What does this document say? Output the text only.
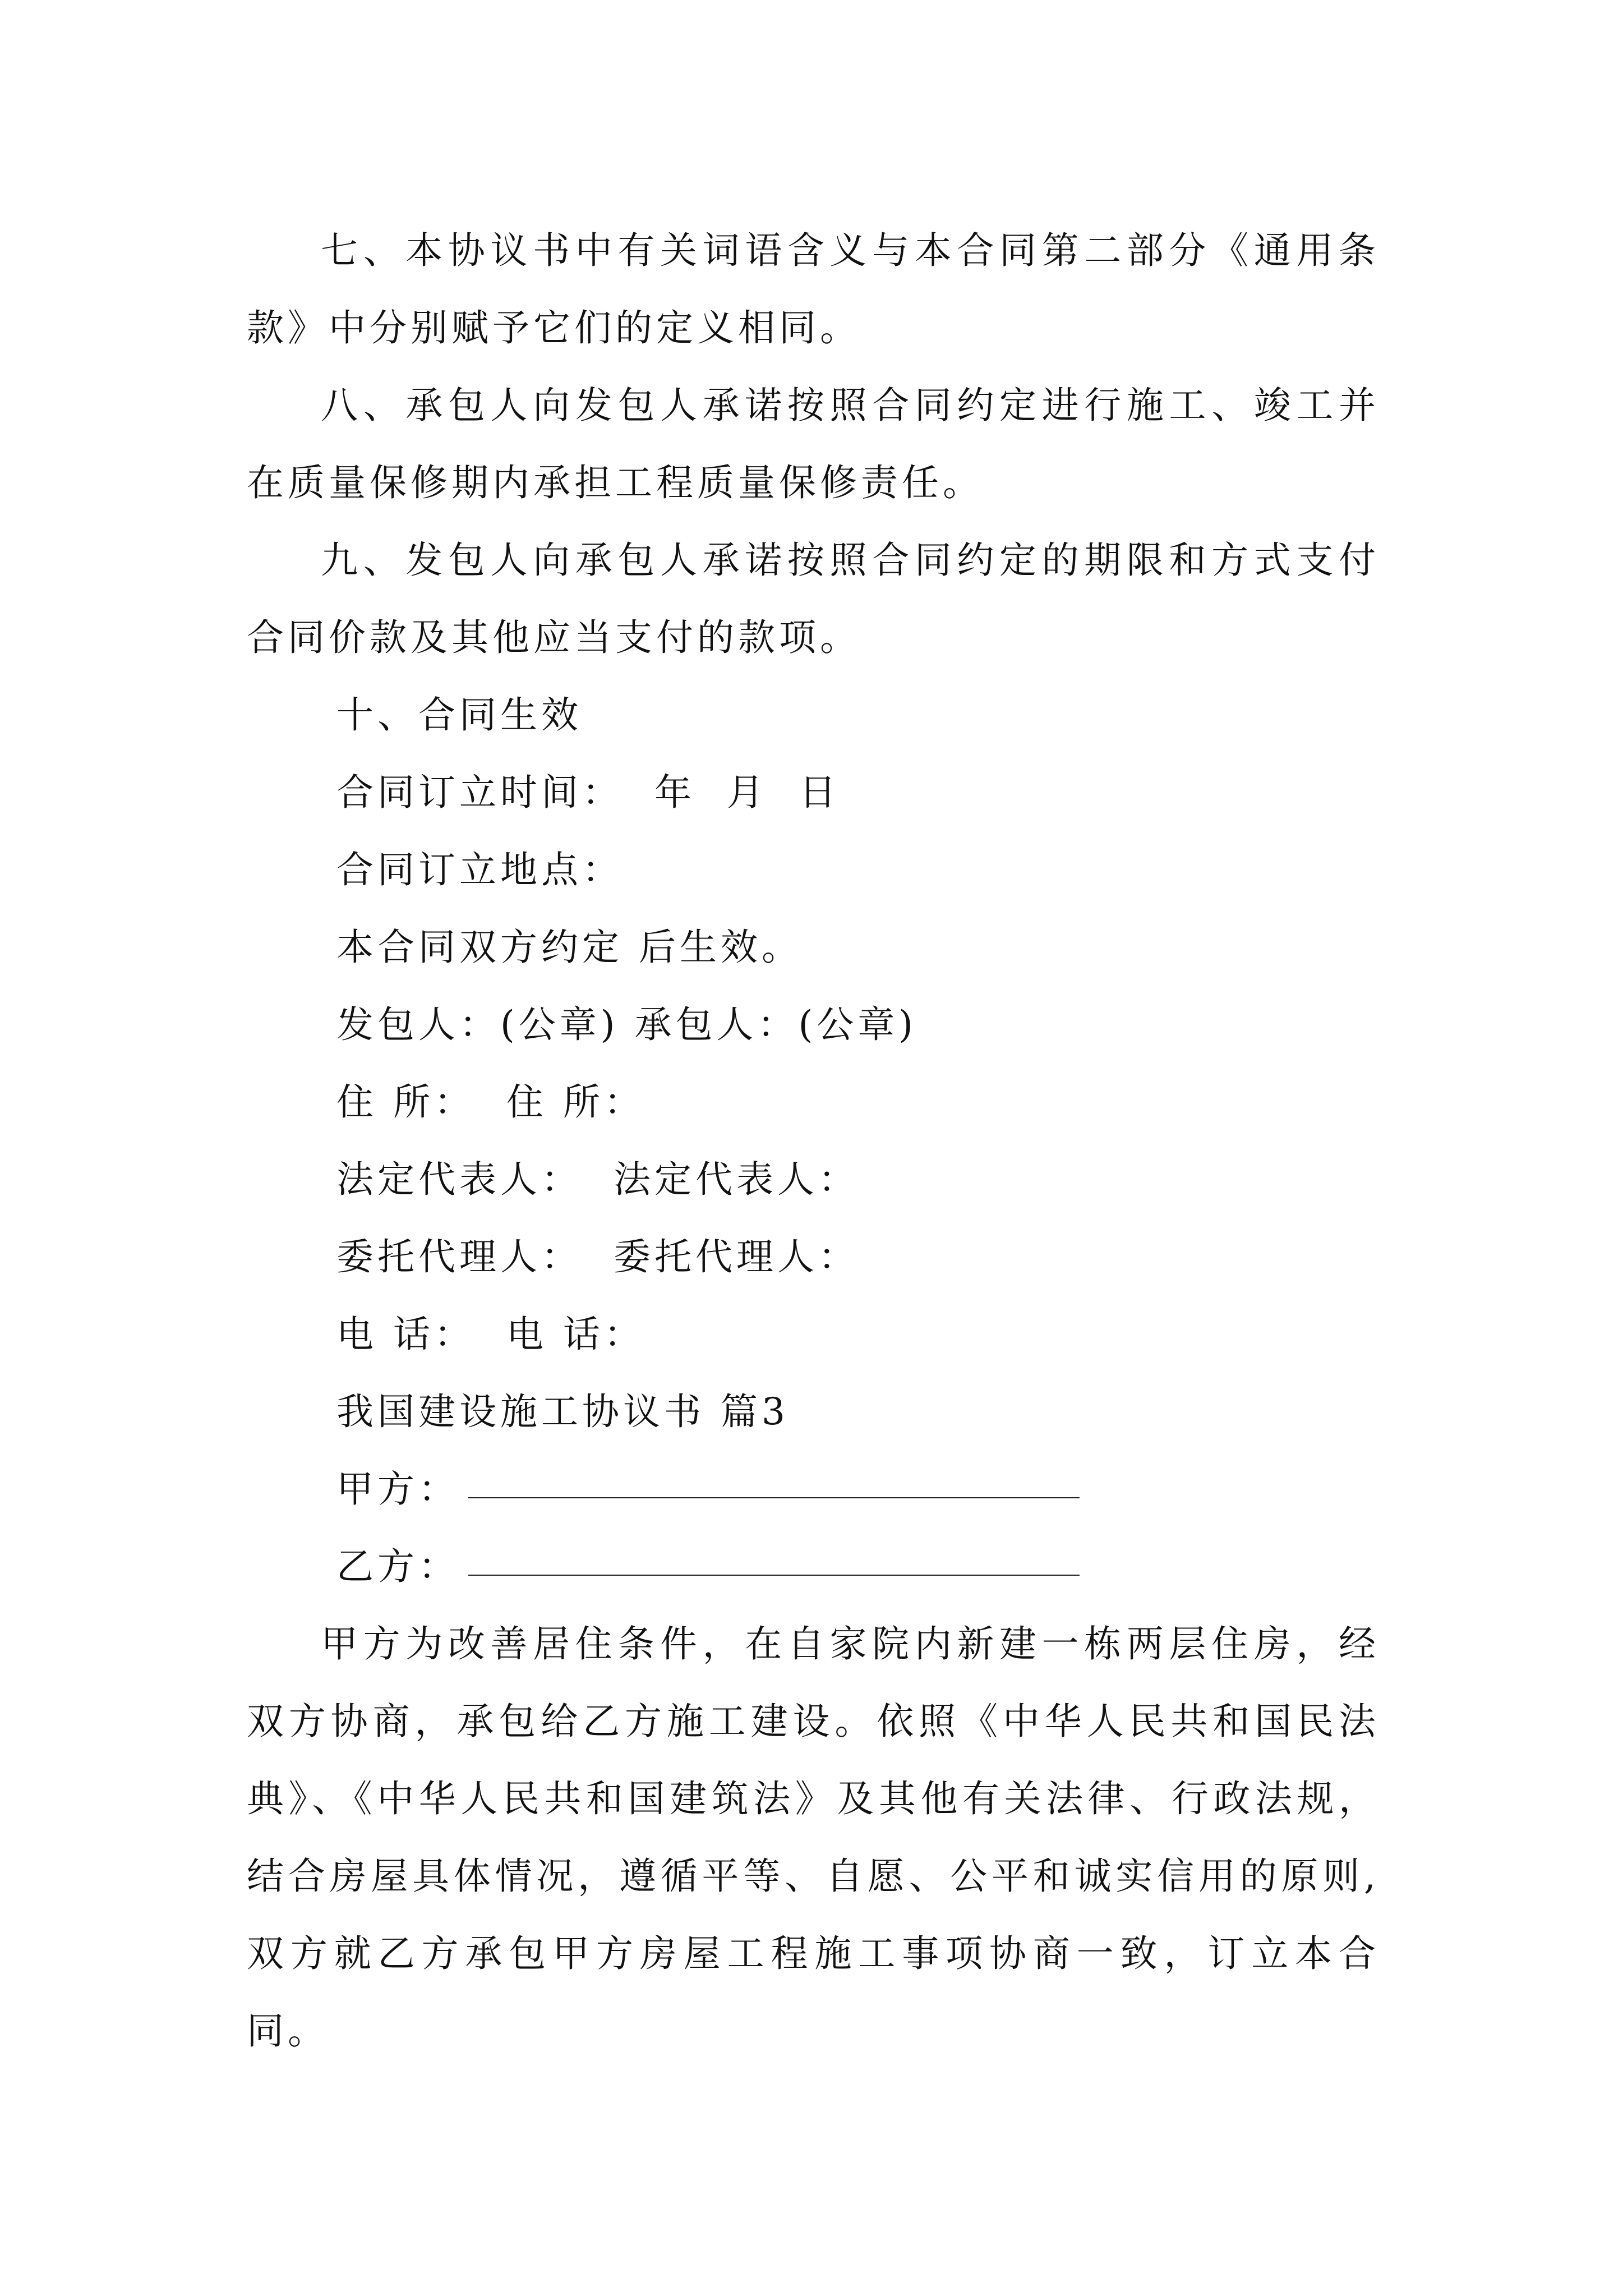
七、本协议书中有关词语含义与本合同第二部分《通用条款》中分别赋予它们的定义相同。

八、承包人向发包人承诺按照合同约定进行施工、竣工并在质量保修期内承担工程质量保修责任。

九、发包人向承包人承诺按照合同约定的期限和方式支付合同价款及其他应当支付的款项。

十、合同生效

合同订立时间：  年  月  日

合同订立地点：

本合同双方约定 后生效。

发包人：(公章) 承包人：(公章)

住 所：  住 所：

法定代表人：  法定代表人：

委托代理人：  委托代理人：

电 话：  电 话：

我国建设施工协议书 篇3

甲方：
乙方：

甲方为改善居住条件，在自家院内新建一栋两层住房，经双方协商，承包给乙方施工建设。依照《中华人民共和国民法典》、《中华人民共和国建筑法》及其他有关法律、行政法规，结合房屋具体情况，遵循平等、自愿、公平和诚实信用的原则,双方就乙方承包甲方房屋工程施工事项协商一致，订立本合同。
